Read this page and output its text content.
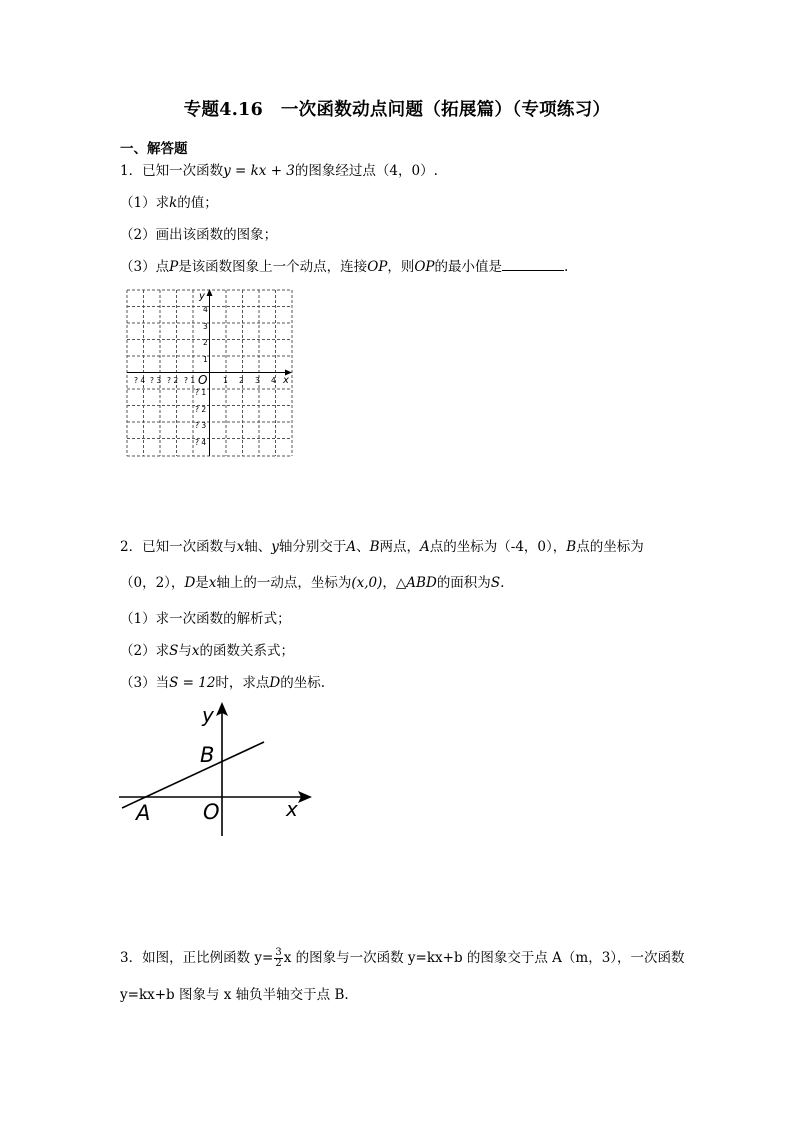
专题4.16　一次函数动点问题（拓展篇）（专项练习）
一、解答题
1．已知一次函数y = kx + 3的图象经过点（4，0）.
（1）求k的值；
（2）画出该函数的图象；
（3）点P是该函数图象上一个动点，连接OP，则OP的最小值是	.
y
x
O
4
3
2
1
? 1
? 2
? 3
? 4
? 4 ? 3 ? 2 ? 1	1 2 3 4
2．已知一次函数与x轴、y轴分别交于A、B两点，A点的坐标为（-4，0），B点的坐标为
（0，2），D是x轴上的一动点，坐标为(x,0)，△ABD的面积为S.
（1）求一次函数的解析式；
（2）求S与x的函数关系式；
（3）当S = 12时，求点D的坐标.
y
x
B
A	O
3．如图，正比例函数 $y= \frac{3}{2}$ x 的图象与一次函数 y=kx+b 的图象交于点 A（m，3），一次函数
y=kx+b 图象与 x 轴负半轴交于点 B.
